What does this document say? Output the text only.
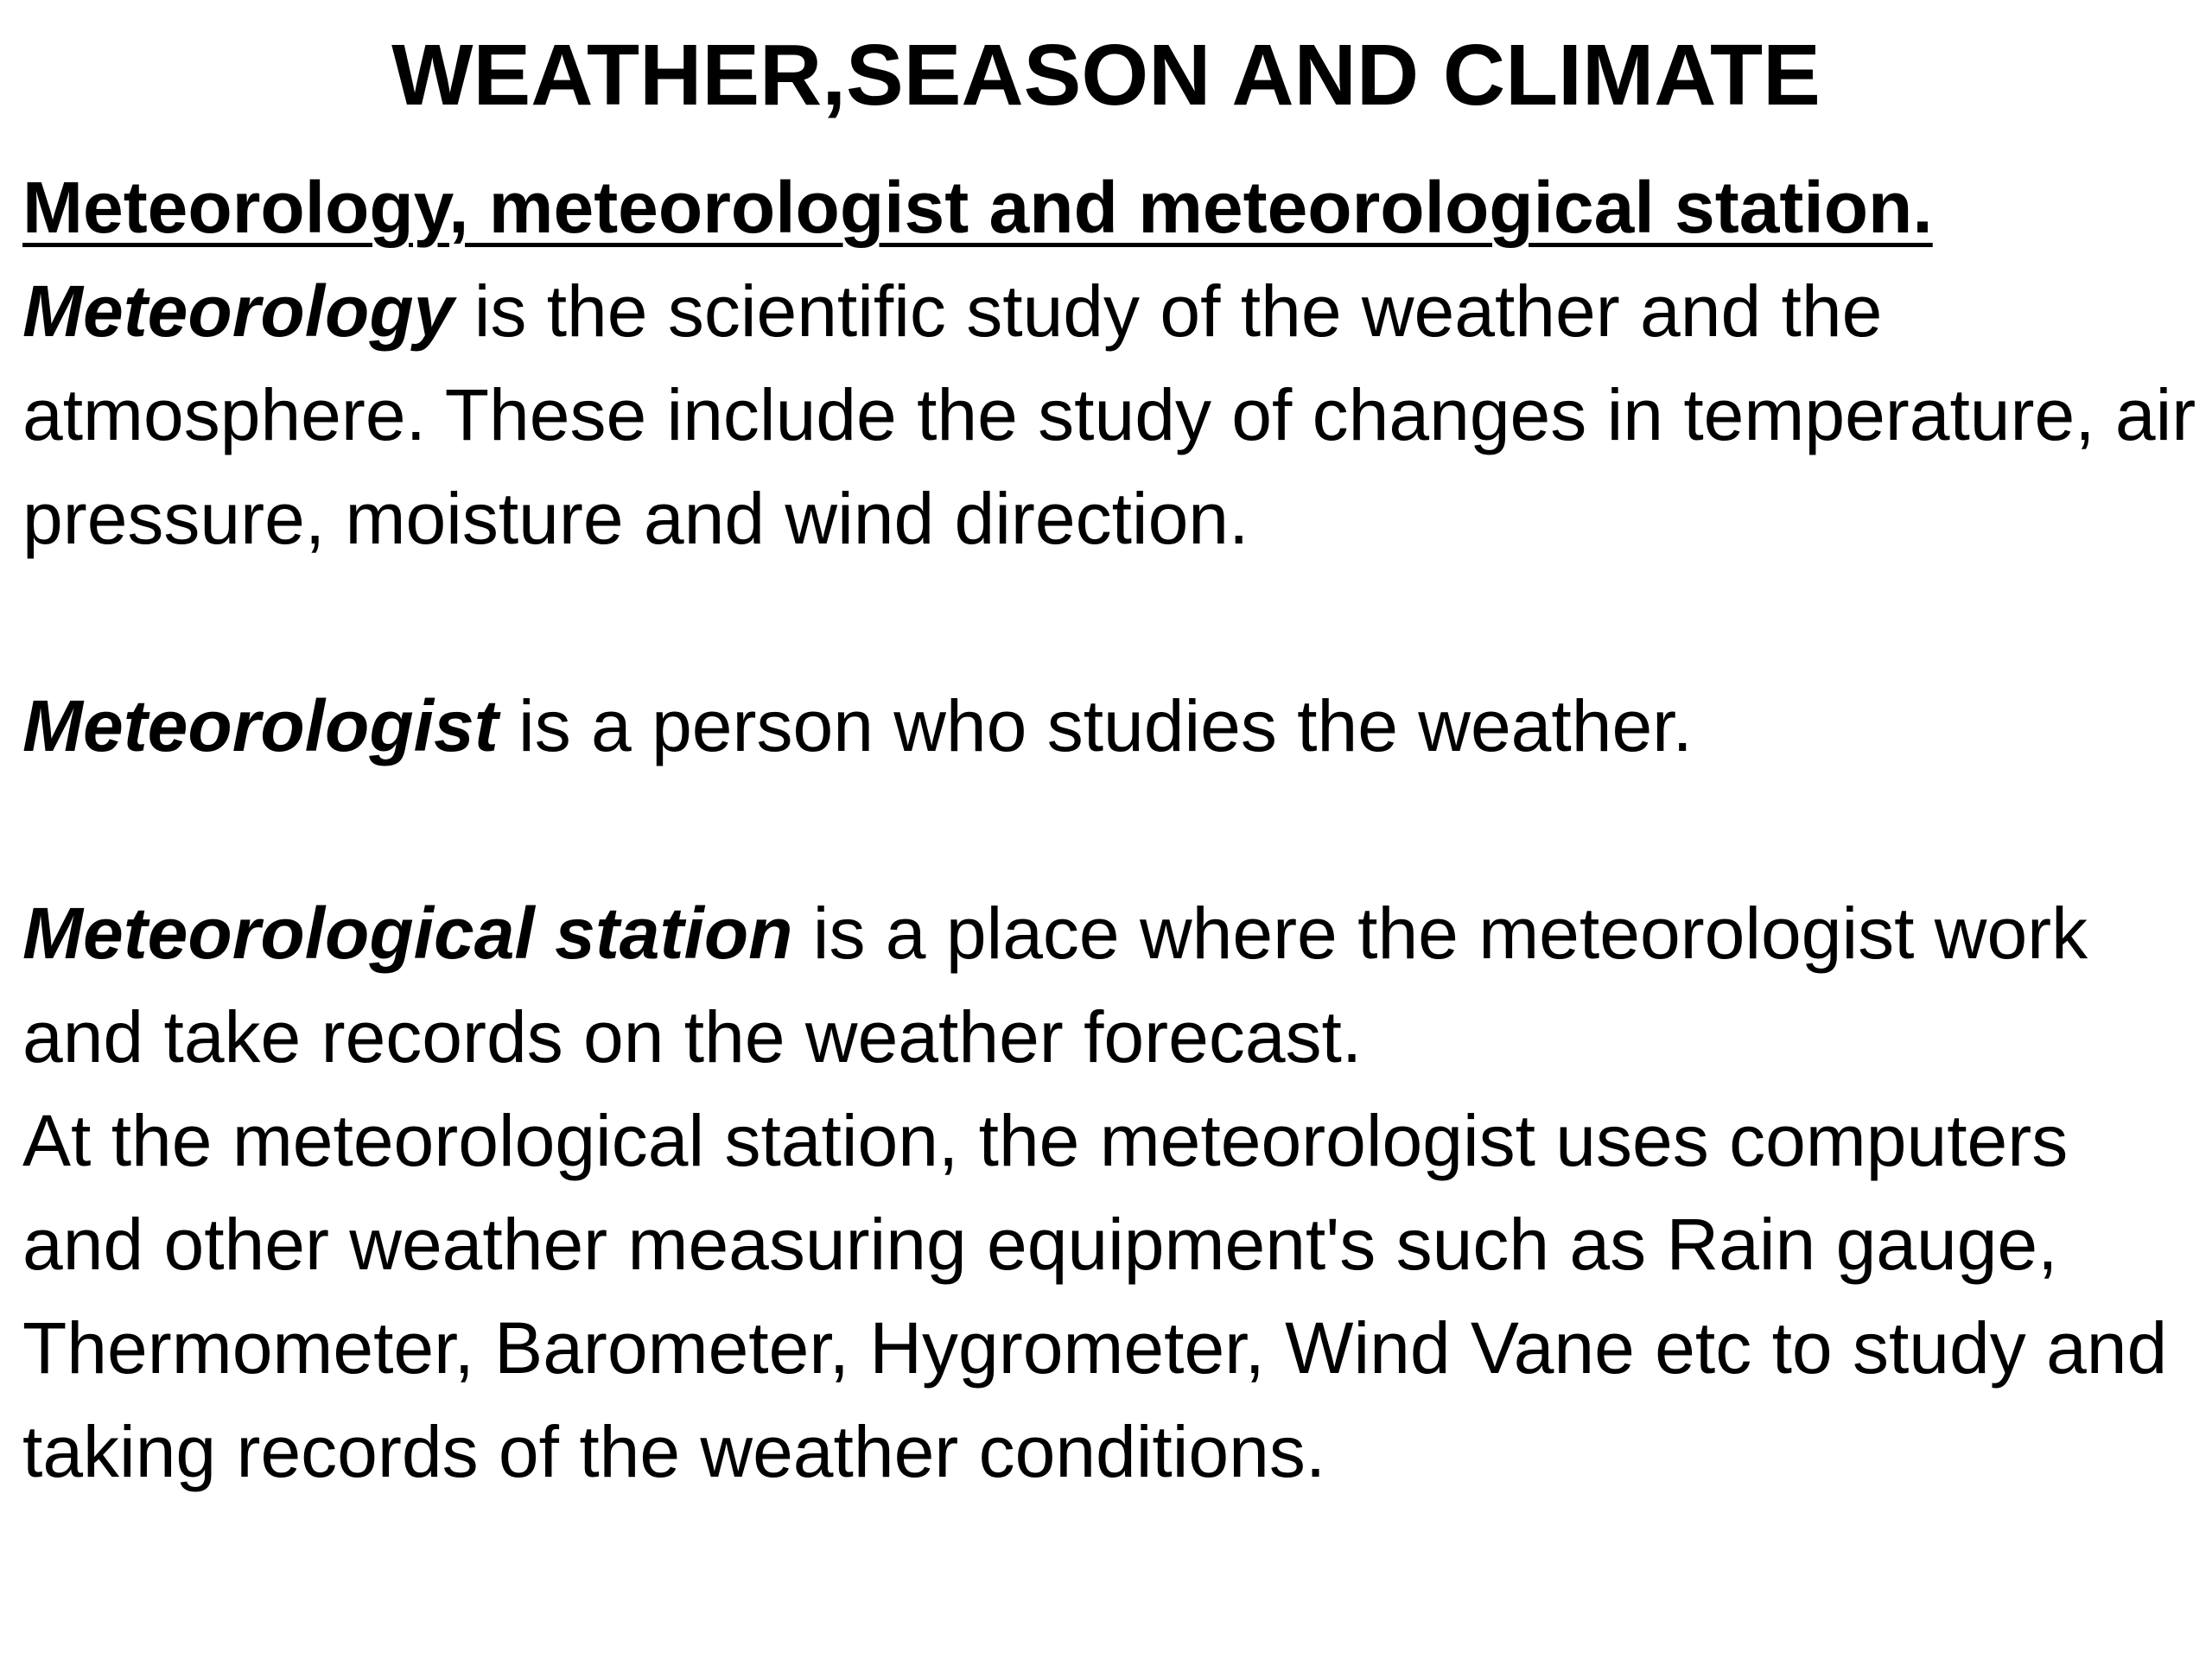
WEATHER,SEASON AND CLIMATE
Meteorology, meteorologist and meteorological station.

Meteorology is the scientific study of the weather and the atmosphere. These include the study of changes in temperature, air pressure, moisture and wind direction.

Meteorologist is a person who studies the weather.

Meteorological station is a place where the meteorologist work and take records on the weather forecast.

At the meteorological station, the meteorologist uses computers and other weather measuring equipment's such as Rain gauge, Thermometer, Barometer, Hygrometer, Wind Vane etc to study and taking records of the weather conditions.
